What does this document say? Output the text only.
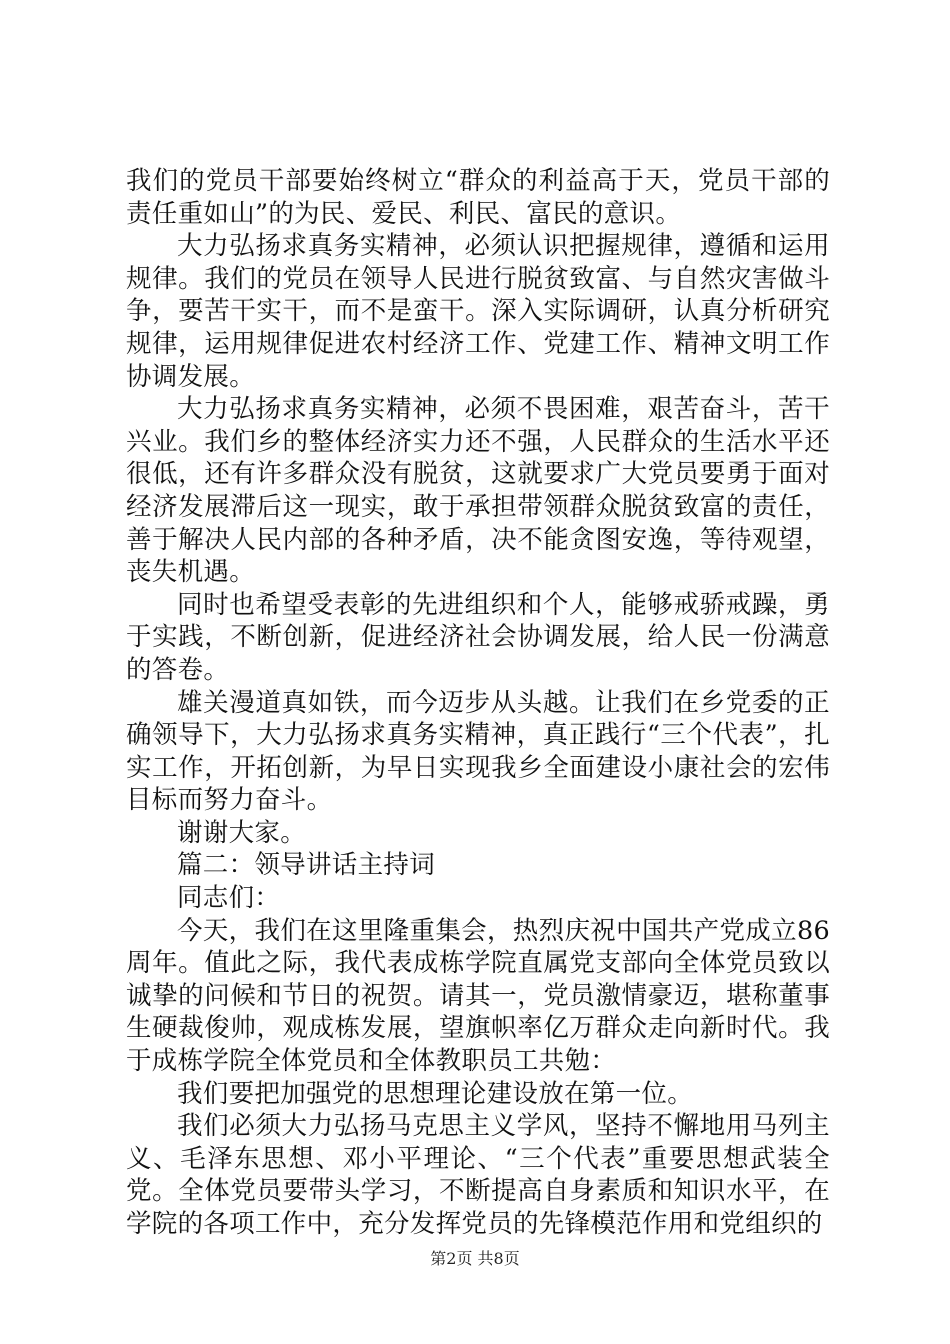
我们的党员干部要始终树立“群众的利益高于天，党员干部的责任重如山”的为民、爱民、利民、富民的意识。

大力弘扬求真务实精神，必须认识把握规律，遵循和运用规律。我们的党员在领导人民进行脱贫致富、与自然灾害做斗争，要苦干实干，而不是蛮干。深入实际调研，认真分析研究规律，运用规律促进农村经济工作、党建工作、精神文明工作协调发展。

大力弘扬求真务实精神，必须不畏困难，艰苦奋斗，苦干兴业。我们乡的整体经济实力还不强，人民群众的生活水平还很低，还有许多群众没有脱贫，这就要求广大党员要勇于面对经济发展滞后这一现实，敢于承担带领群众脱贫致富的责任，善于解决人民内部的各种矛盾，决不能贪图安逸，等待观望，丧失机遇。

同时也希望受表彰的先进组织和个人，能够戒骄戒躁，勇于实践，不断创新，促进经济社会协调发展，给人民一份满意的答卷。

雄关漫道真如铁，而今迈步从头越。让我们在乡党委的正确领导下，大力弘扬求真务实精神，真正践行“三个代表”，扎实工作，开拓创新，为早日实现我乡全面建设小康社会的宏伟目标而努力奋斗。

谢谢大家。

篇二：领导讲话主持词

同志们：

今天，我们在这里隆重集会，热烈庆祝中国共产党成立86周年。值此之际，我代表成栋学院直属党支部向全体党员致以诚挚的问候和节日的祝贺。请其一，党员激情豪迈，堪称董事生硬裁俊帅，观成栋发展，望旗帜率亿万群众走向新时代。我于成栋学院全体党员和全体教职员工共勉：

我们要把加强党的思想理论建设放在第一位。

我们必须大力弘扬马克思主义学风，坚持不懈地用马列主义、毛泽东思想、邓小平理论、“三个代表”重要思想武装全党。全体党员要带头学习，不断提高自身素质和知识水平，在学院的各项工作中，充分发挥党员的先锋模范作用和党组织的

第2页 共8页
